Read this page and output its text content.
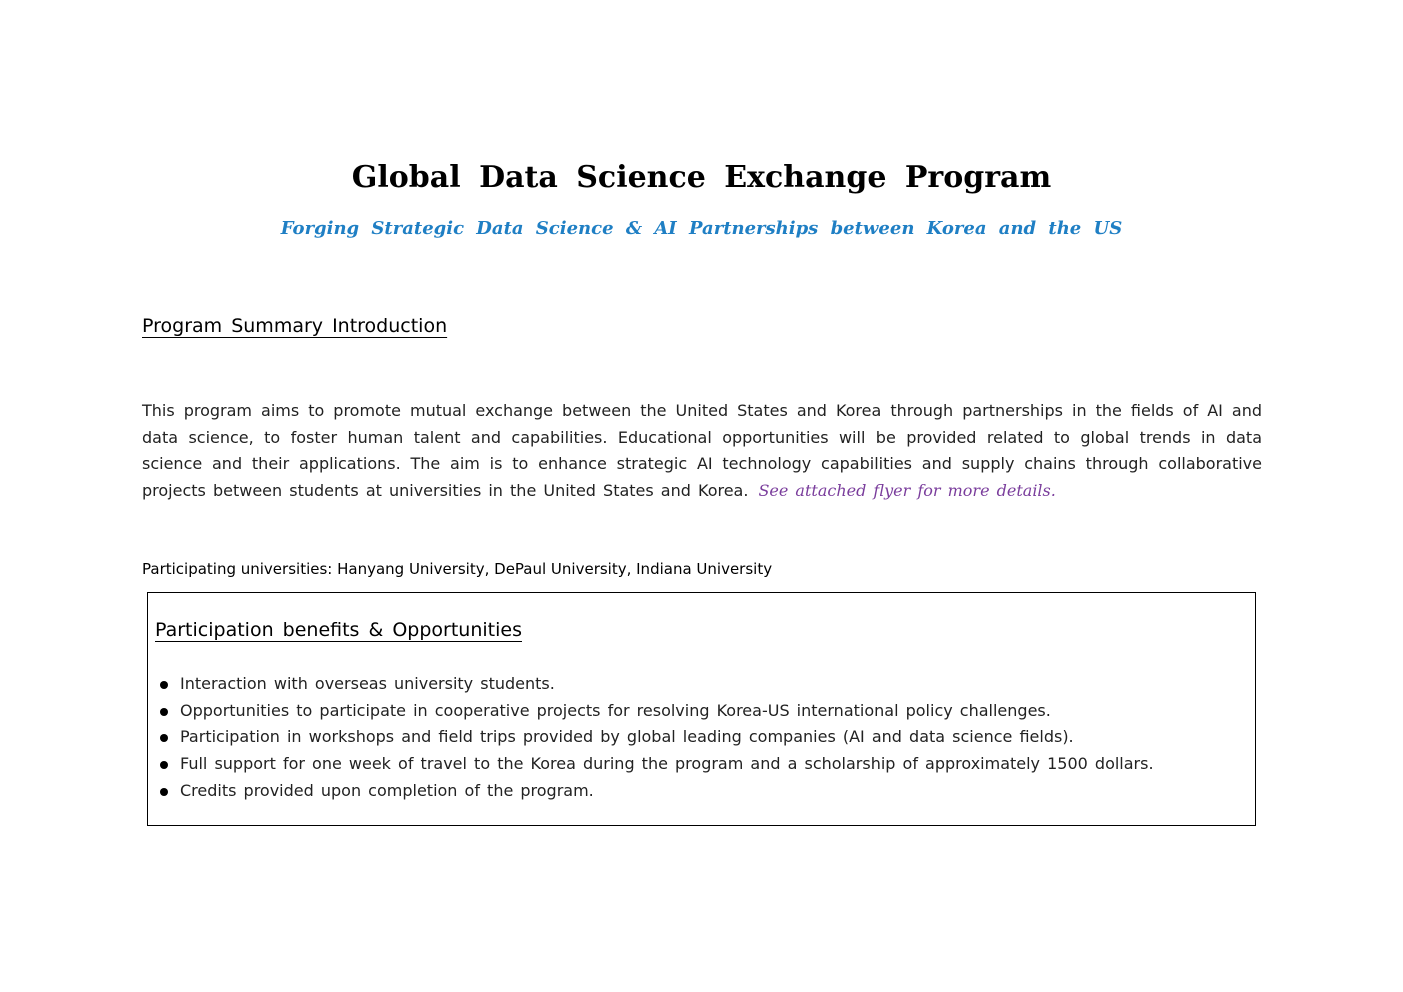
Global Data Science Exchange Program

Forging Strategic Data Science & AI Partnerships between Korea and the US

Program Summary Introduction

This program aims to promote mutual exchange between the United States and Korea through partnerships in the fields of AI and data science, to foster human talent and capabilities. Educational opportunities will be provided related to global trends in data science and their applications. The aim is to enhance strategic AI technology capabilities and supply chains through collaborative projects between students at universities in the United States and Korea. See attached flyer for more details.

Participating universities: Hanyang University, DePaul University, Indiana University

Participation benefits & Opportunities
Interaction with overseas university students.
Opportunities to participate in cooperative projects for resolving Korea-US international policy challenges.
Participation in workshops and field trips provided by global leading companies (AI and data science fields).
Full support for one week of travel to the Korea during the program and a scholarship of approximately 1500 dollars.
Credits provided upon completion of the program.
